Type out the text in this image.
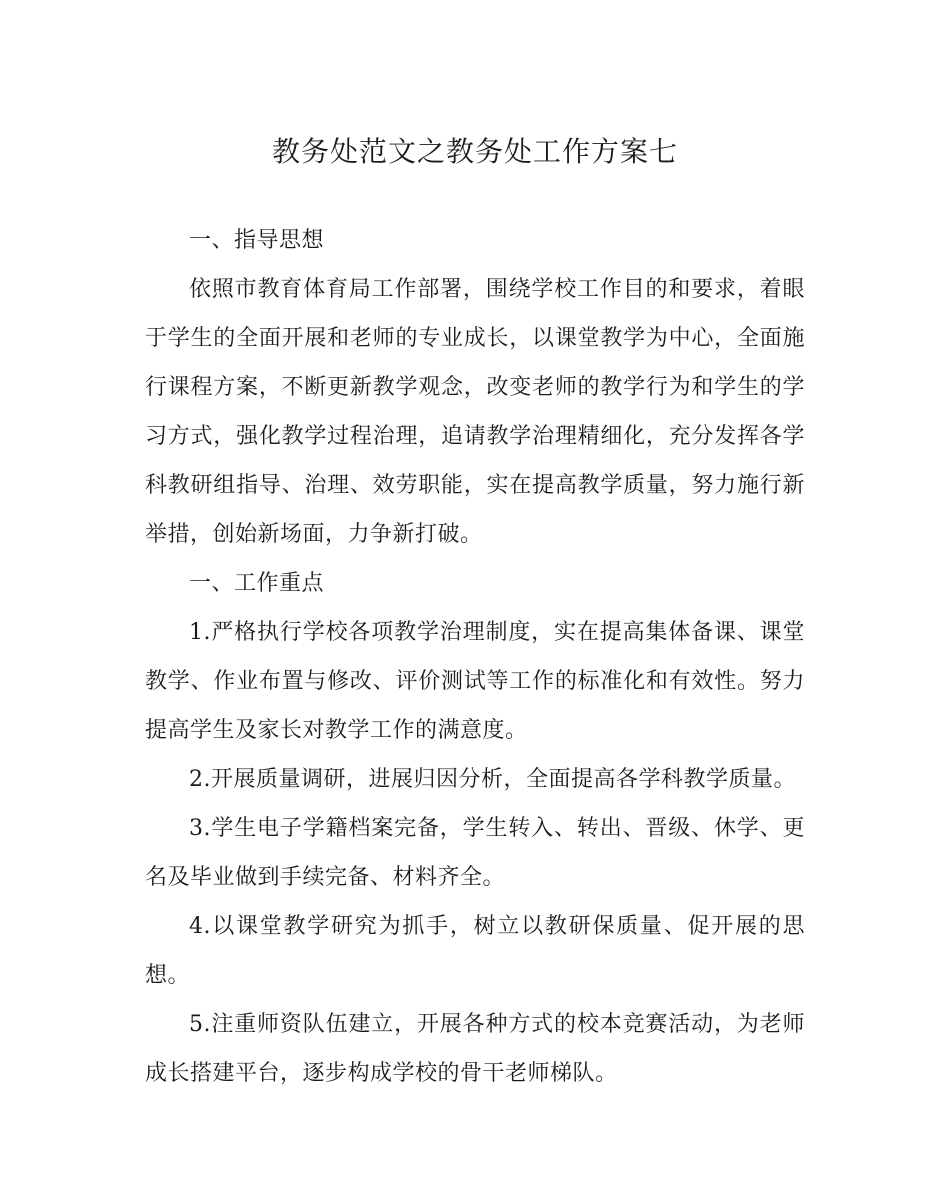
教务处范文之教务处工作方案七

一、指导思想

依照市教育体育局工作部署，围绕学校工作目的和要求，着眼于学生的全面开展和老师的专业成长，以课堂教学为中心，全面施行课程方案，不断更新教学观念，改变老师的教学行为和学生的学习方式，强化教学过程治理，追请教学治理精细化，充分发挥各学科教研组指导、治理、效劳职能，实在提高教学质量，努力施行新举措，创始新场面，力争新打破。

一、工作重点

1.严格执行学校各项教学治理制度，实在提高集体备课、课堂教学、作业布置与修改、评价测试等工作的标准化和有效性。努力提高学生及家长对教学工作的满意度。

2.开展质量调研，进展归因分析，全面提高各学科教学质量。

3.学生电子学籍档案完备，学生转入、转出、晋级、休学、更名及毕业做到手续完备、材料齐全。

4.以课堂教学研究为抓手，树立以教研保质量、促开展的思想。

5.注重师资队伍建立，开展各种方式的校本竞赛活动，为老师成长搭建平台，逐步构成学校的骨干老师梯队。
